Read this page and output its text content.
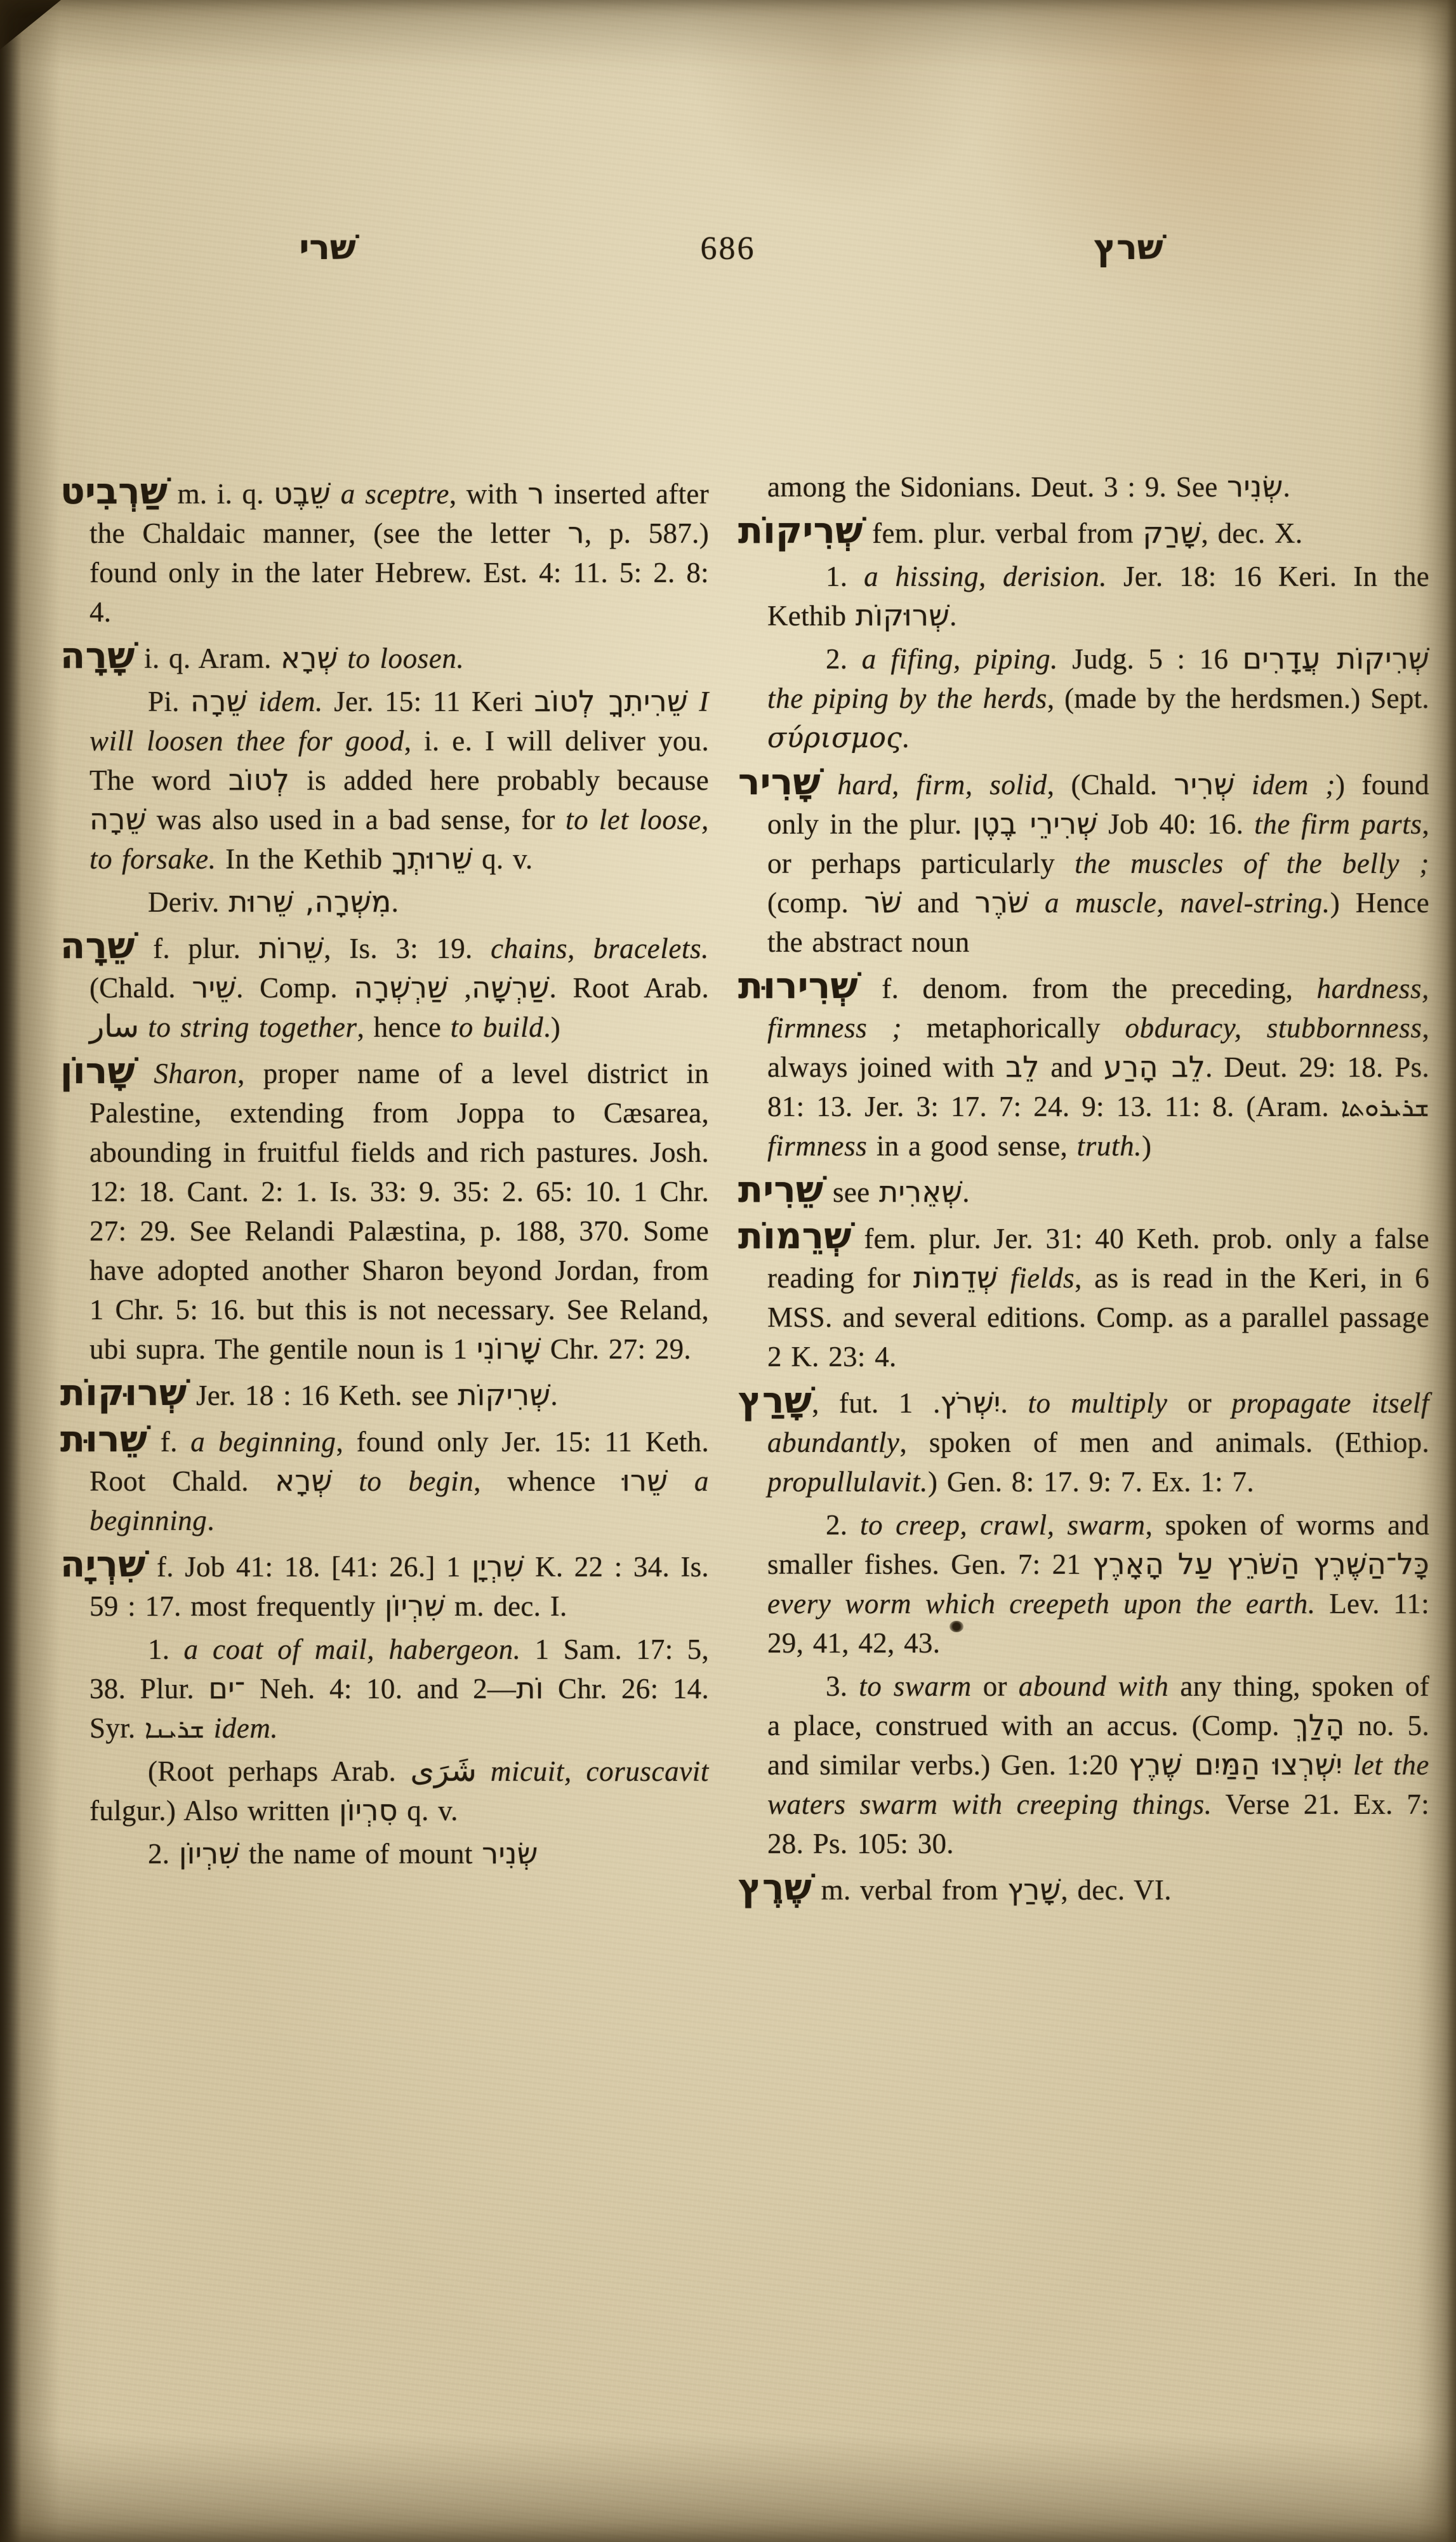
שׁרי	686	שׁרץ

שַׁרְבִיט m. i. q. שֵׁבֶט a sceptre, with ר inserted after the Chaldaic manner, (see the letter ר, p. 587.) found only in the later Hebrew. Est. 4: 11. 5: 2. 8: 4.

שָׁרָה i. q. Aram. שְׁרָא to loosen.

Pi. שֵׁרָה idem. Jer. 15: 11 Keri שֵׁרִיתִךָ לְטוֹב I will loosen thee for good, i. e. I will deliver you. The word לְטוֹב is added here probably because שֵׁרָה was also used in a bad sense, for to let loose, to forsake. In the Kethib שֵׁרוּתְךָ q. v.

Deriv. מִשְׁרָה, שֵׁרוּת.

שֵׁרָה f. plur. שֵׁרוֹת, Is. 3: 19. chains, bracelets. (Chald. שֵׁיר. Comp.	שַׁרְשָׁה, שַׁרְשְׁרָה	. Root Arab. سار to string together, hence to build.)

שָׁרוֹן Sharon, proper name of a level district in Palestine, extending from Joppa to Cæsarea, abounding in fruitful fields and rich pastures. Josh. 12: 18. Cant. 2: 1. Is. 33: 9. 35: 2. 65: 10. 1 Chr. 27: 29. See Relandi Palæstina, p. 188, 370. Some have adopted another Sharon beyond Jordan, from 1 Chr. 5: 16. but this is not necessary. See Reland, ubi supra. The gentile noun is שָׁרוֹנִי 1 Chr. 27: 29.

שְׁרוּקוֹת Jer. 18 : 16 Keth. see שְׁרִיקוֹת.

שֵׁרוּת f. a beginning, found only Jer. 15: 11 Keth. Root Chald. שְׁרָא to begin, whence שֵׁרוּ a beginning.

שִׁרְיָה f. Job 41: 18. [41: 26.] שִׁרְיָן 1 K. 22 : 34. Is. 59 : 17. most frequently שִׁרְיוֹן m. dec. I.

1. a coat of mail, habergeon. 1 Sam. 17: 5, 38. Plur. ־ים Neh. 4: 10. and וֹת—2 Chr. 26: 14. Syr. ܫܪܝܢܐ idem.

(Root perhaps Arab. شَرَى micuit, coruscavit fulgur.) Also written סִרְיוֹן q. v.

2. שִׁרְיוֹן the name of mount שְׂנִיר

among the Sidonians. Deut. 3 : 9. See שְׂנִיר.

שְׁרִיקוֹת fem. plur. verbal from שָׁרַק, dec. X.

1. a hissing, derision. Jer. 18: 16 Keri. In the Kethib שְׁרוּקוֹת.

2. a fifing, piping. Judg. 5 : 16 שְׁרִיקוֹת עֲדָרִים the piping by the herds, (made by the herdsmen.) Sept. σύρισμος.

שָׁרִיר hard, firm, solid, (Chald. שְׁרִיר idem ;) found only in the plur. שְׁרִירֵי בֶטֶן Job 40: 16. the firm parts, or perhaps particularly the muscles of the belly ; (comp. שֹׁר and שֹׁרֶר a muscle, navel-string.) Hence the abstract noun

שְׁרִירוּת f. denom. from the preceding, hardness, firmness ; metaphorically obduracy, stubbornness, always joined with לֵב and לֵב הָרַע. Deut. 29: 18. Ps. 81: 13. Jer. 3: 17. 7: 24. 9: 13. 11: 8. (Aram. ܫܪܝܪܘܬܐ firmness in a good sense, truth.)

שֵׁרִית see שְׁאֵרִית.

שְׁרֵמוֹת fem. plur. Jer. 31: 40 Keth. prob. only a false reading for שְׁדֵמוֹת fields, as is read in the Keri, in 6 MSS. and several editions. Comp. as a parallel passage 2 K. 23: 4.

שָׁרַץ, fut. יִשְׁרֹץ. 1. to multiply or propagate itself abundantly, spoken of men and animals. (Ethiop. propullulavit.) Gen. 8: 17. 9: 7. Ex. 1: 7.

2. to creep, crawl, swarm, spoken of worms and smaller fishes. Gen. 7: 21 כָּל־הַשֶּׁרֶץ הַשֹּׁרֵץ עַל הָאָרֶץ every worm which creepeth upon the earth. Lev. 11: 29, 41, 42, 43.

3. to swarm or abound with any thing, spoken of a place, construed with an accus. (Comp. הָלַךְ no. 5. and similar verbs.) Gen. 1:20 יִשְׁרְצוּ הַמַּיִם שֶׁרֶץ let the waters swarm with creeping things. Verse 21. Ex. 7: 28. Ps. 105: 30.

שֶׁרֶץ m. verbal from שָׁרַץ, dec. VI.
